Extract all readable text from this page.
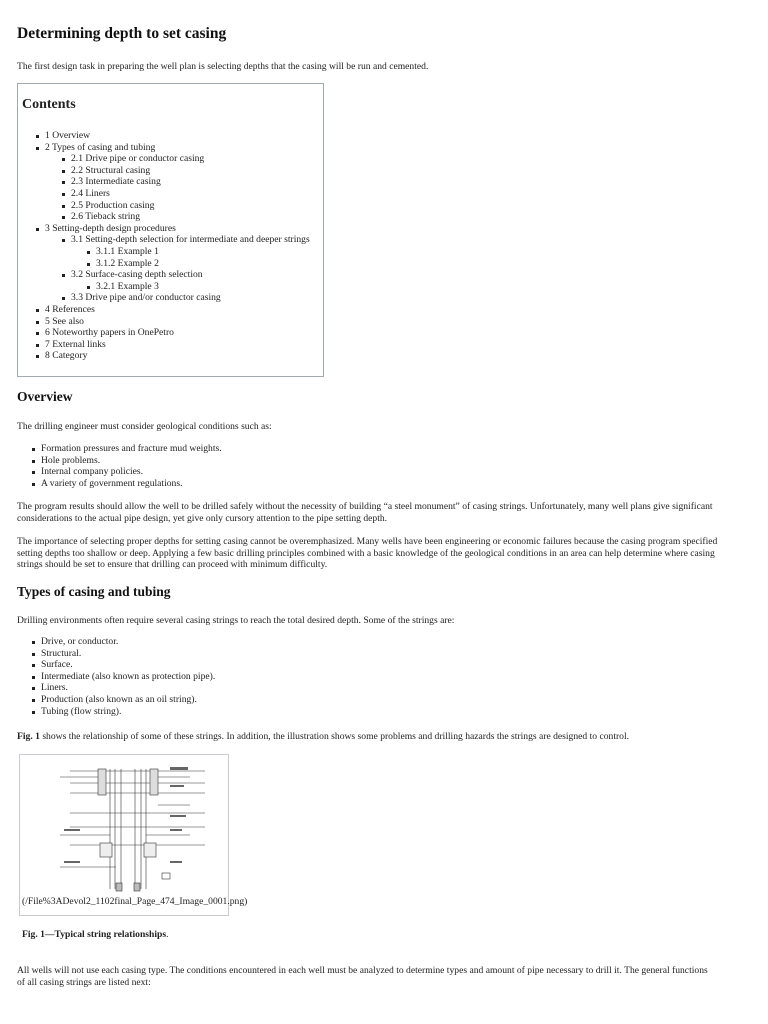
Determining depth to set casing

The first design task in preparing the well plan is selecting depths that the casing will be run and cemented.

Contents

1 Overview
2 Types of casing and tubing
2.1 Drive pipe or conductor casing
2.2 Structural casing
2.3 Intermediate casing
2.4 Liners
2.5 Production casing
2.6 Tieback string
3 Setting-depth design procedures
3.1 Setting-depth selection for intermediate and deeper strings
3.1.1 Example 1
3.1.2 Example 2
3.2 Surface-casing depth selection
3.2.1 Example 3
3.3 Drive pipe and/or conductor casing
4 References
5 See also
6 Noteworthy papers in OnePetro
7 External links
8 Category
Overview

The drilling engineer must consider geological conditions such as:

Formation pressures and fracture mud weights.
Hole problems.
Internal company policies.
A variety of government regulations.

The program results should allow the well to be drilled safely without the necessity of building “a steel monument” of casing strings. Unfortunately, many well plans give significant
considerations to the actual pipe design, yet give only cursory attention to the pipe setting depth.

The importance of selecting proper depths for setting casing cannot be overemphasized. Many wells have been engineering or economic failures because the casing program specified
setting depths too shallow or deep. Applying a few basic drilling principles combined with a basic knowledge of the geological conditions in an area can help determine where casing
strings should be set to ensure that drilling can proceed with minimum difficulty.

Types of casing and tubing

Drilling environments often require several casing strings to reach the total desired depth. Some of the strings are:

Drive, or conductor.
Structural.
Surface.
Intermediate (also known as protection pipe).
Liners.
Production (also known as an oil string).
Tubing (flow string).

Fig. 1 shows the relationship of some of these strings. In addition, the illustration shows some problems and drilling hazards the strings are designed to control.

(/File%3ADevol2_1102final_Page_474_Image_0001.png)

Fig. 1—Typical string relationships.

All wells will not use each casing type. The conditions encountered in each well must be analyzed to determine types and amount of pipe necessary to drill it. The general functions
of all casing strings are listed next:
